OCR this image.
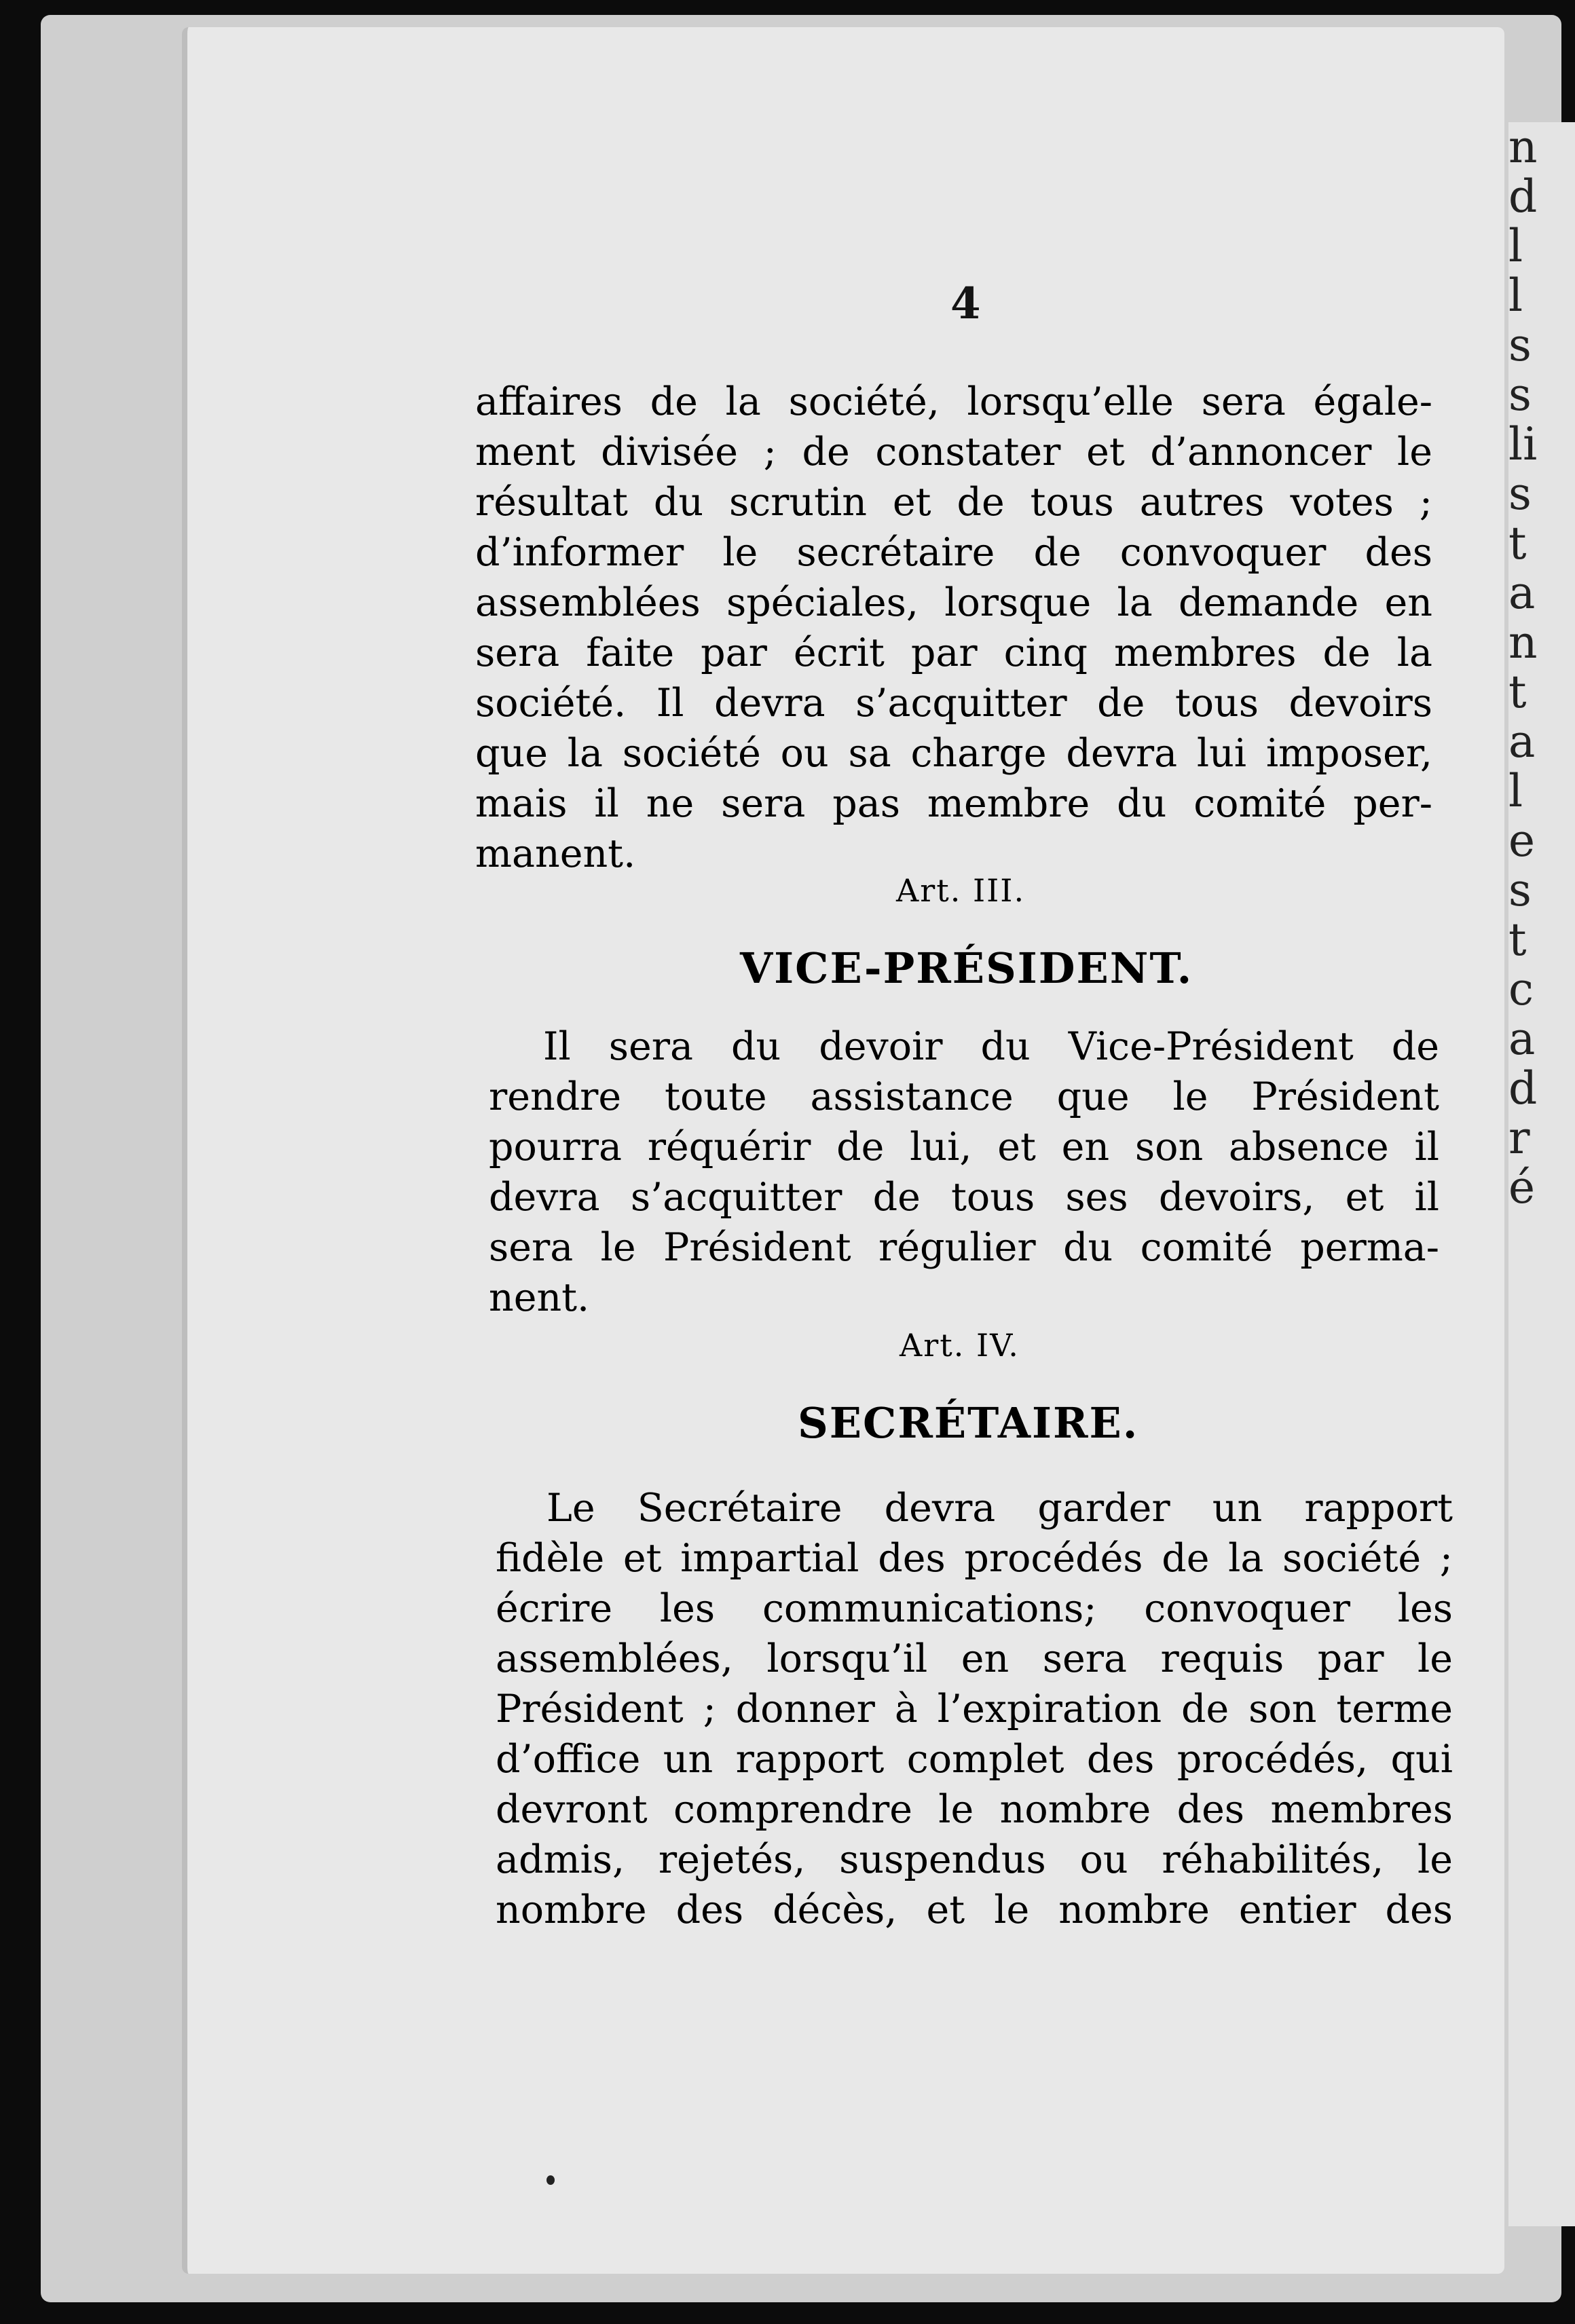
n
d
l
l
s
s
li
s
t
a
n
t
a
l
e
s
t
c
a
d
r
é
4
affaires de la société, lorsqu’elle sera égale-
ment divisée ; de constater et d’annoncer le
résultat du scrutin et de tous autres votes ;
d’informer le secrétaire de convoquer des
assemblées spéciales, lorsque la demande en
sera faite par écrit par cinq membres de la
société. Il devra s’acquitter de tous devoirs
que la société ou sa charge devra lui imposer,
mais il ne sera pas membre du comité per-
manent.
Art. III.
VICE-PRÉSIDENT.
Il sera du devoir du Vice-Président de
rendre toute assistance que le Président
pourra réquérir de lui, et en son absence il
devra s’acquitter de tous ses devoirs, et il
sera le Président régulier du comité perma-
nent.
Art. IV.
SECRÉTAIRE.
Le Secrétaire devra garder un rapport
fidèle et impartial des procédés de la société ;
écrire les communications; convoquer les
assemblées, lorsqu’il en sera requis par le
Président ; donner à l’expiration de son terme
d’office un rapport complet des procédés, qui
devront comprendre le nombre des membres
admis, rejetés, suspendus ou réhabilités, le
nombre des décès, et le nombre entier des
